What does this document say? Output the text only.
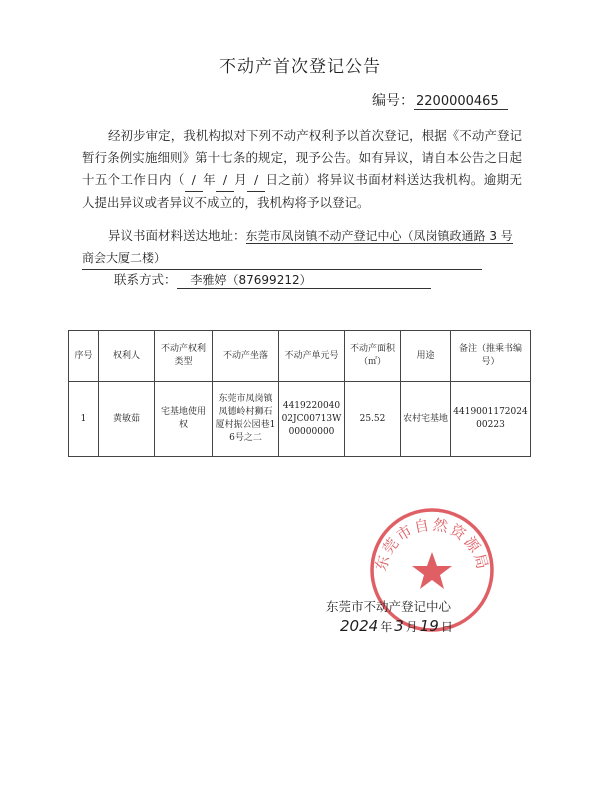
不动产首次登记公告
编号： 2200000465
经初步审定，我机构拟对下列不动产权利予以首次登记，根据《不动产登记暂行条例实施细则》第十七条的规定，现予公告。如有异议，请自本公告之日起十五个工作日内（ / 年 / 月 / 日之前）将异议书面材料送达我机构。逾期无人提出异议或者异议不成立的，我机构将予以登记。
异议书面材料送达地址：东莞市凤岗镇不动产登记中心（凤岗镇政通路 3 号
商会大厦二楼）
联系方式： 李雅婷（87699212）
序号	权利人	不动产权利类型	不动产坐落	不动产单元号	不动产面积（㎡）	用途	备注（推乘书编号）
1	黄敏茹	宅基地使用权	东莞市凤岗镇凤德岭村狮石厦村振公园巷16号之二	441922004002JC00713W00000000	25.52	农村宅基地	441900117202400223
东莞市自然资源局
东莞市不动产登记中心
2024 年 3 月 19 日
